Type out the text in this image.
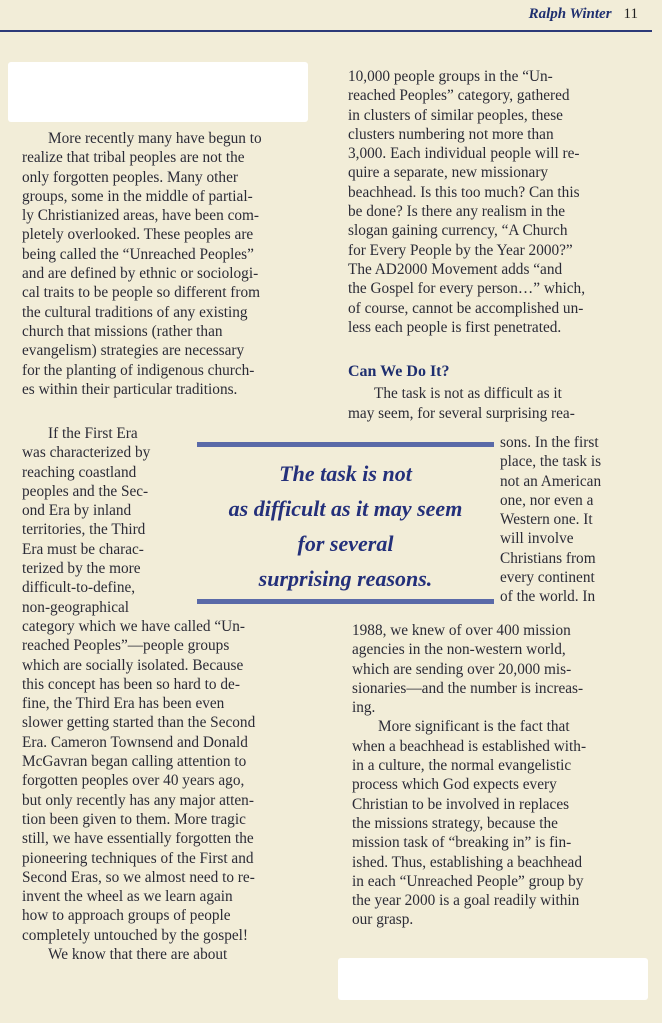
Ralph Winter 11
More recently many have begun to
realize that tribal peoples are not the
only forgotten peoples. Many other
groups, some in the middle of partial-
ly Christianized areas, have been com-
pletely overlooked. These peoples are
being called the “Unreached Peoples”
and are defined by ethnic or sociologi-
cal traits to be people so different from
the cultural traditions of any existing
church that missions (rather than
evangelism) strategies are necessary
for the planting of indigenous church-
es within their particular traditions.
If the First Era
was characterized by
reaching coastland
peoples and the Sec-
ond Era by inland
territories, the Third
Era must be charac-
terized by the more
difficult-to-define,
non-geographical
category which we have called “Un-
reached Peoples”—people groups
which are socially isolated. Because
this concept has been so hard to de-
fine, the Third Era has been even
slower getting started than the Second
Era. Cameron Townsend and Donald
McGavran began calling attention to
forgotten peoples over 40 years ago,
but only recently has any major atten-
tion been given to them. More tragic
still, we have essentially forgotten the
pioneering techniques of the First and
Second Eras, so we almost need to re-
invent the wheel as we learn again
how to approach groups of people
completely untouched by the gospel!
We know that there are about
10,000 people groups in the “Un-
reached Peoples” category, gathered
in clusters of similar peoples, these
clusters numbering not more than
3,000. Each individual people will re-
quire a separate, new missionary
beachhead. Is this too much? Can this
be done? Is there any realism in the
slogan gaining currency, “A Church
for Every People by the Year 2000?”
The AD2000 Movement adds “and
the Gospel for every person…” which,
of course, cannot be accomplished un-
less each people is first penetrated.
Can We Do It?
The task is not as difficult as it
may seem, for several surprising rea-
sons. In the first
place, the task is
not an American
one, nor even a
Western one. It
will involve
Christians from
every continent
of the world. In
1988, we knew of over 400 mission
agencies in the non-western world,
which are sending over 20,000 mis-
sionaries—and the number is increas-
ing.
More significant is the fact that
when a beachhead is established with-
in a culture, the normal evangelistic
process which God expects every
Christian to be involved in replaces
the missions strategy, because the
mission task of “breaking in” is fin-
ished. Thus, establishing a beachhead
in each “Unreached People” group by
the year 2000 is a goal readily within
our grasp.
The task is not
as difficult as it may seem
for several
surprising reasons.
